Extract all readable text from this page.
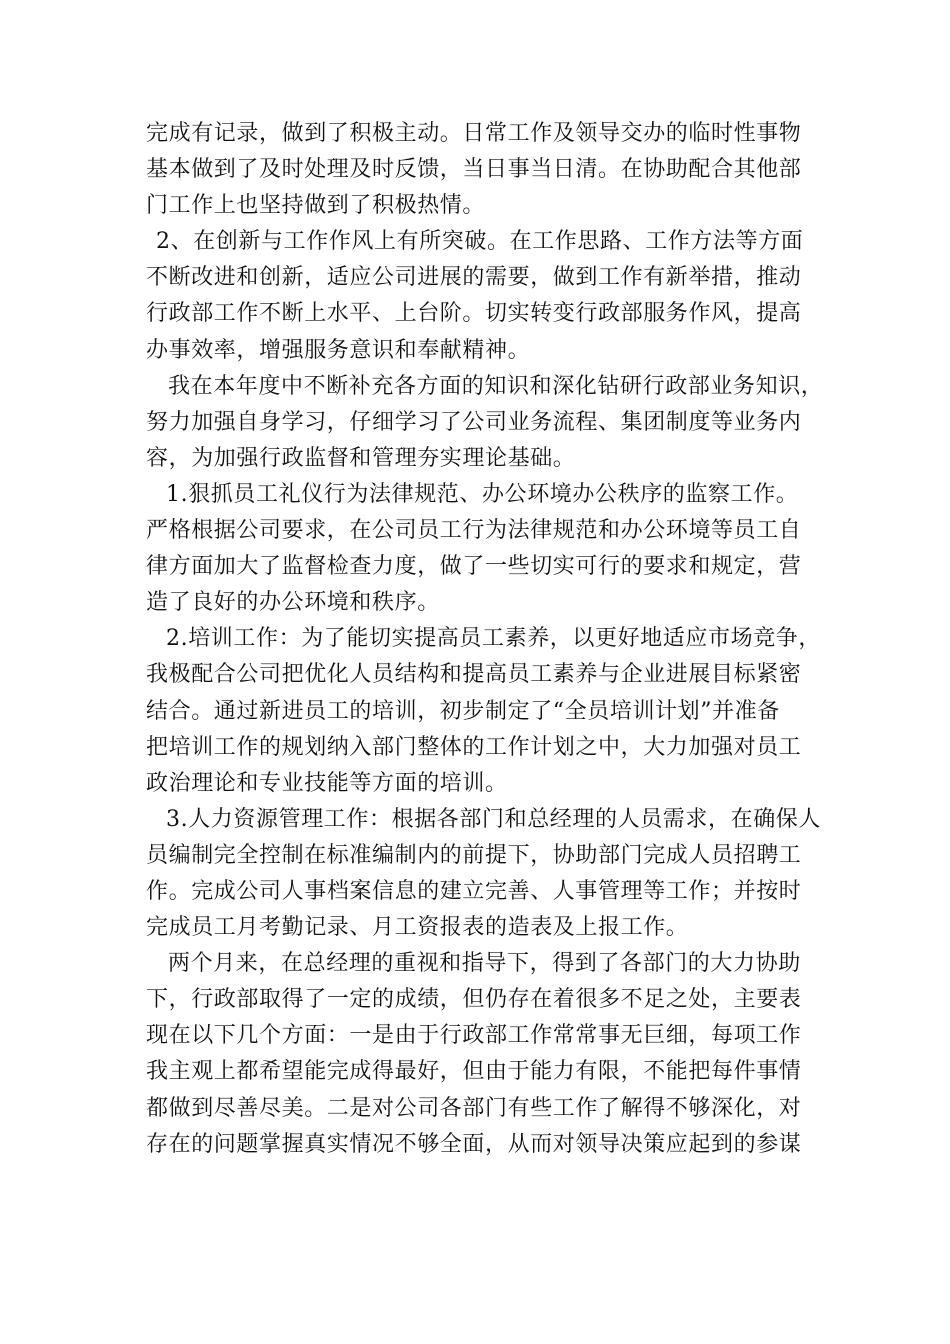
完成有记录，做到了积极主动。日常工作及领导交办的临时性事物
基本做到了及时处理及时反馈，当日事当日清。在协助配合其他部
门工作上也坚持做到了积极热情。
2、在创新与工作作风上有所突破。在工作思路、工作方法等方面
不断改进和创新，适应公司进展的需要，做到工作有新举措，推动
行政部工作不断上水平、上台阶。切实转变行政部服务作风，提高
办事效率，增强服务意识和奉献精神。
我在本年度中不断补充各方面的知识和深化钻研行政部业务知识，
努力加强自身学习，仔细学习了公司业务流程、集团制度等业务内
容，为加强行政监督和管理夯实理论基础。
1.狠抓员工礼仪行为法律规范、办公环境办公秩序的监察工作。
严格根据公司要求，在公司员工行为法律规范和办公环境等员工自
律方面加大了监督检查力度，做了一些切实可行的要求和规定，营
造了良好的办公环境和秩序。
2.培训工作：为了能切实提高员工素养，以更好地适应市场竞争，
我极配合公司把优化人员结构和提高员工素养与企业进展目标紧密
结合。通过新进员工的培训，初步制定了“全员培训计划”并准备
把培训工作的规划纳入部门整体的工作计划之中，大力加强对员工
政治理论和专业技能等方面的培训。
3.人力资源管理工作：根据各部门和总经理的人员需求，在确保人
员编制完全控制在标准编制内的前提下，协助部门完成人员招聘工
作。完成公司人事档案信息的建立完善、人事管理等工作；并按时
完成员工月考勤记录、月工资报表的造表及上报工作。
两个月来，在总经理的重视和指导下，得到了各部门的大力协助
下，行政部取得了一定的成绩，但仍存在着很多不足之处，主要表
现在以下几个方面：一是由于行政部工作常常事无巨细，每项工作
我主观上都希望能完成得最好，但由于能力有限，不能把每件事情
都做到尽善尽美。二是对公司各部门有些工作了解得不够深化，对
存在的问题掌握真实情况不够全面，从而对领导决策应起到的参谋
